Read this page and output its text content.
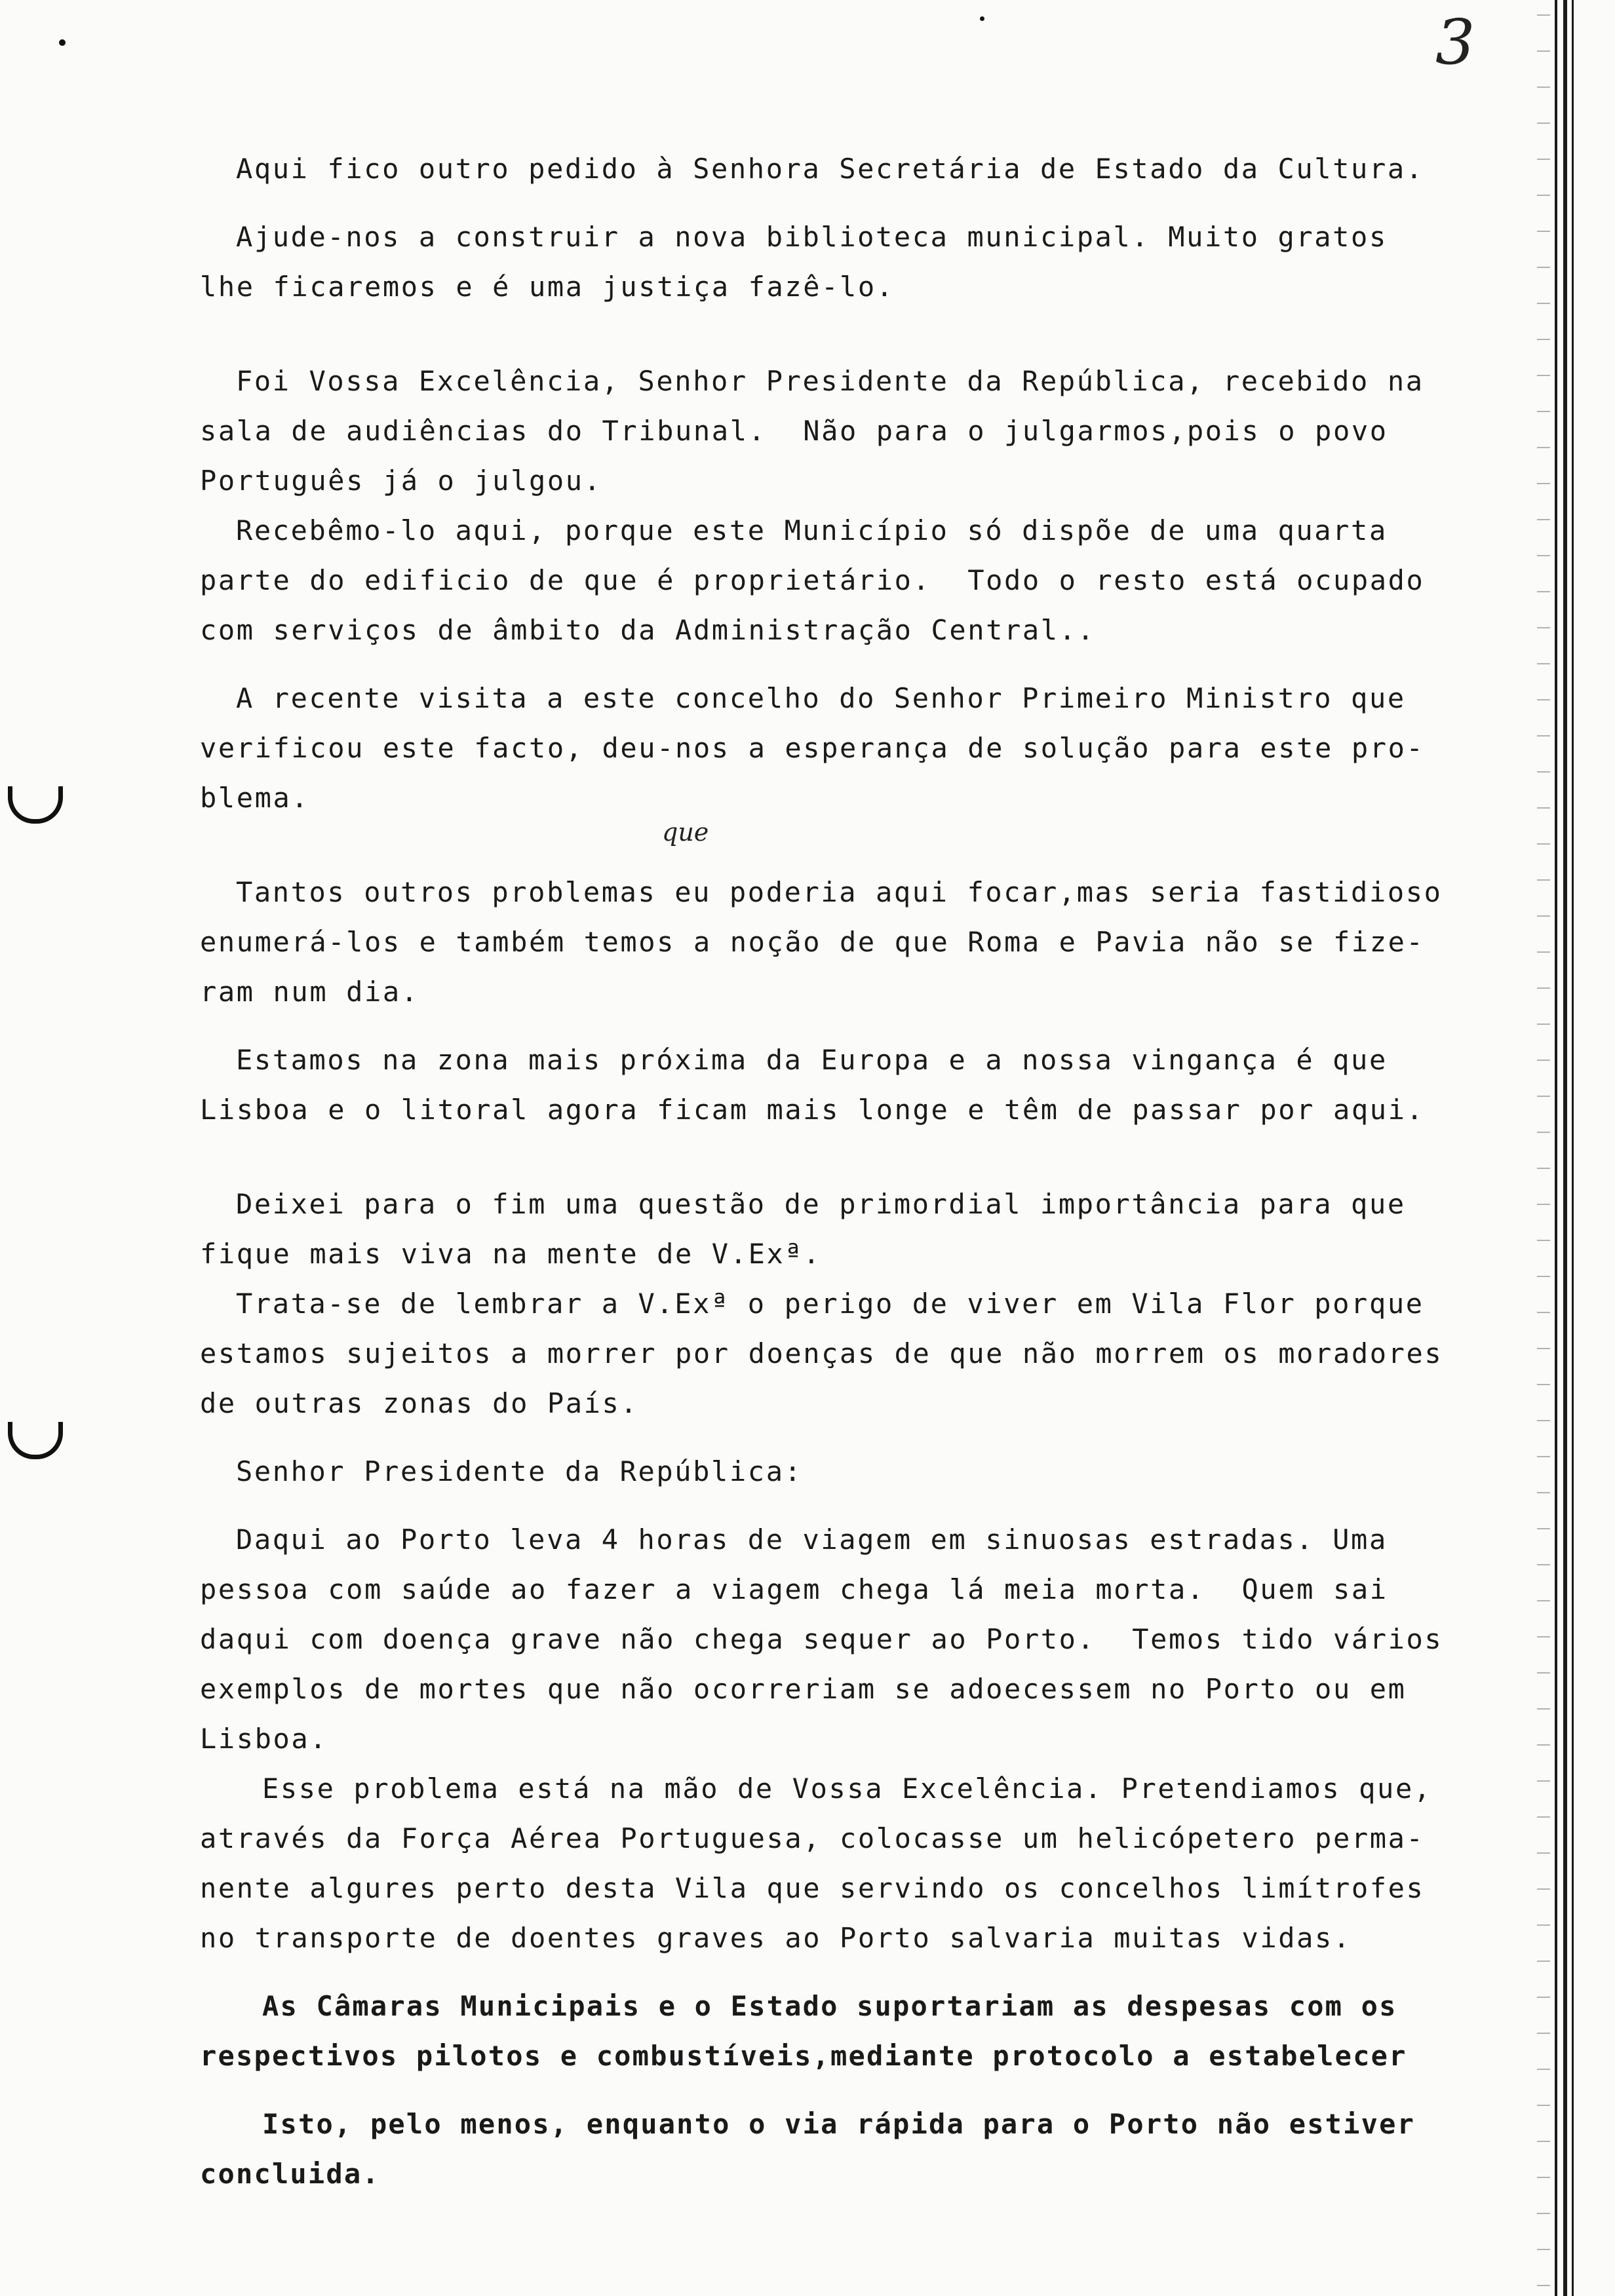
3
que
Aqui fico outro pedido à Senhora Secretária de Estado da Cultura.
Ajude-nos a construir a nova biblioteca municipal. Muito gratos
lhe ficaremos e é uma justiça fazê-lo.
Foi Vossa Excelência, Senhor Presidente da República, recebido na
sala de audiências do Tribunal.  Não para o julgarmos,pois o povo
Português já o julgou.
Recebêmo-lo aqui, porque este Município só dispõe de uma quarta
parte do edificio de que é proprietário.  Todo o resto está ocupado
com serviços de âmbito da Administração Central..
A recente visita a este concelho do Senhor Primeiro Ministro que
verificou este facto, deu-nos a esperança de solução para este pro-
blema.
Tantos outros problemas eu poderia aqui focar,mas seria fastidioso
enumerá-los e também temos a noção de que Roma e Pavia não se fize-
ram num dia.
Estamos na zona mais próxima da Europa e a nossa vingança é que
Lisboa e o litoral agora ficam mais longe e têm de passar por aqui.
Deixei para o fim uma questão de primordial importância para que
fique mais viva na mente de V.Exª.
Trata-se de lembrar a V.Exª o perigo de viver em Vila Flor porque
estamos sujeitos a morrer por doenças de que não morrem os moradores
de outras zonas do País.
Senhor Presidente da República:
Daqui ao Porto leva 4 horas de viagem em sinuosas estradas. Uma
pessoa com saúde ao fazer a viagem chega lá meia morta.  Quem sai
daqui com doença grave não chega sequer ao Porto.  Temos tido vários
exemplos de mortes que não ocorreriam se adoecessem no Porto ou em
Lisboa.
Esse problema está na mão de Vossa Excelência. Pretendiamos que,
através da Força Aérea Portuguesa, colocasse um helicópetero perma-
nente algures perto desta Vila que servindo os concelhos limítrofes
no transporte de doentes graves ao Porto salvaria muitas vidas.
As Câmaras Municipais e o Estado suportariam as despesas com os
respectivos pilotos e combustíveis,mediante protocolo a estabelecer
Isto, pelo menos, enquanto o via rápida para o Porto não estiver
concluida.
